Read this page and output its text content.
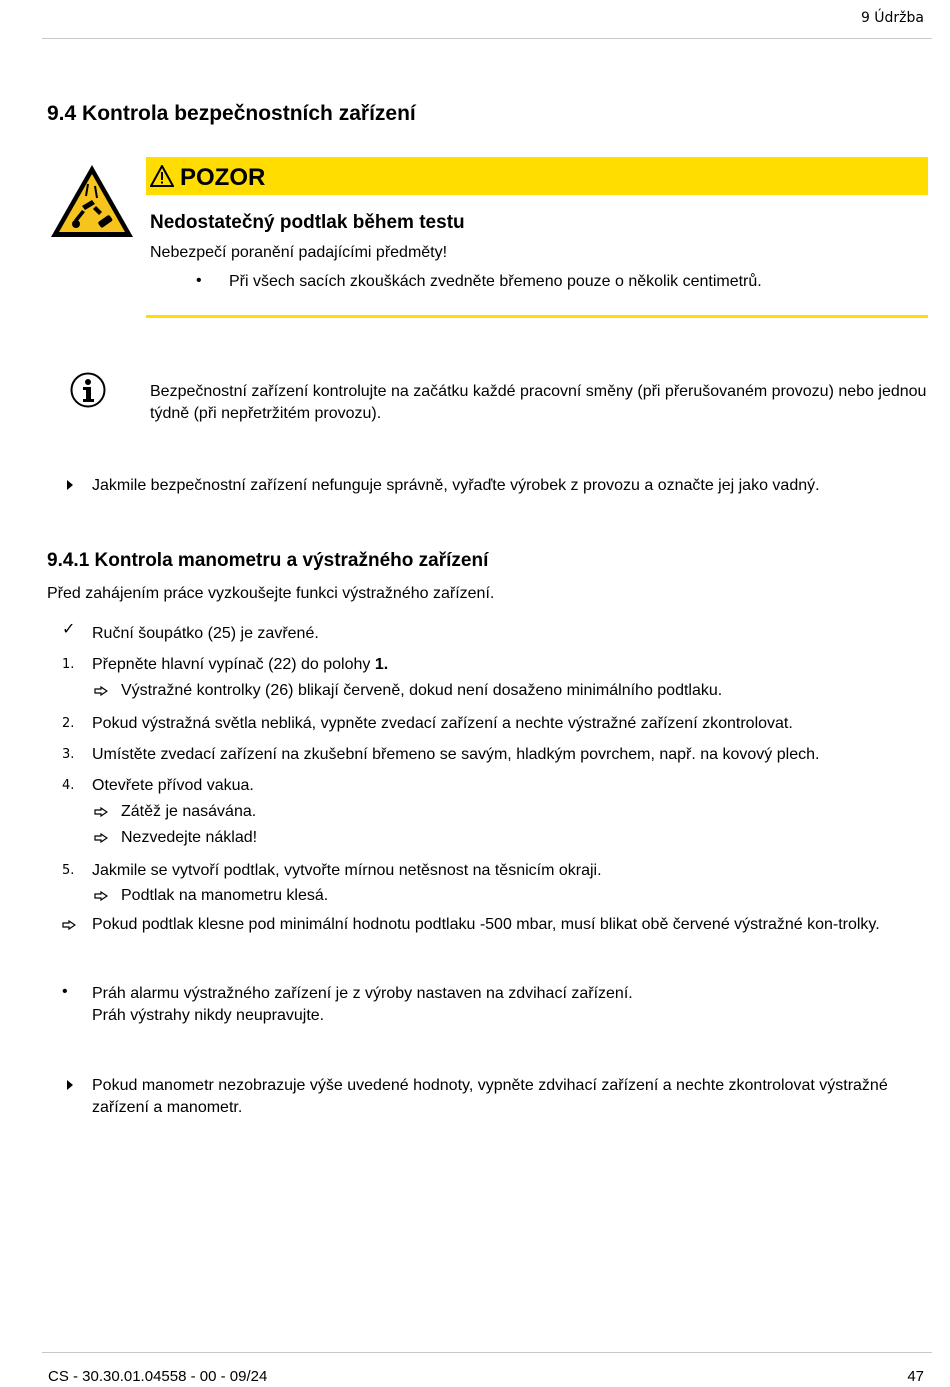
9 Údržba
9.4 Kontrola bezpečnostních zařízení
POZOR
Nedostatečný podtlak během testu
Nebezpečí poranění padajícími předměty!
• Při všech sacích zkouškách zvedněte břemeno pouze o několik centimetrů.
Bezpečnostní zařízení kontrolujte na začátku každé pracovní směny (při přerušovaném provozu) nebo jednou týdně (při nepřetržitém provozu).
Jakmile bezpečnostní zařízení nefunguje správně, vyřaďte výrobek z provozu a označte jej jako vadný.
9.4.1 Kontrola manometru a výstražného zařízení
Před zahájením práce vyzkoušejte funkci výstražného zařízení.
✓ Ruční šoupátko (25) je zavřené.
1. Přepněte hlavní vypínač (22) do polohy 1.
Výstražné kontrolky (26) blikají červeně, dokud není dosaženo minimálního podtlaku.
2. Pokud výstražná světla nebliká, vypněte zvedací zařízení a nechte výstražné zařízení zkontrolovat.
3. Umístěte zvedací zařízení na zkušební břemeno se savým, hladkým povrchem, např. na kovový plech.
4. Otevřete přívod vakua.
Zátěž je nasávána.
Nezvedejte náklad!
5. Jakmile se vytvoří podtlak, vytvořte mírnou netěsnost na těsnicím okraji.
Podtlak na manometru klesá.
Pokud podtlak klesne pod minimální hodnotu podtlaku -500 mbar, musí blikat obě červené výstražné kon-trolky.
• Práh alarmu výstražného zařízení je z výroby nastaven na zdvihací zařízení.
Práh výstrahy nikdy neupravujte.
Pokud manometr nezobrazuje výše uvedené hodnoty, vypněte zdvihací zařízení a nechte zkontrolovat výstražné zařízení a manometr.
CS - 30.30.01.04558 - 00 - 09/24	47
